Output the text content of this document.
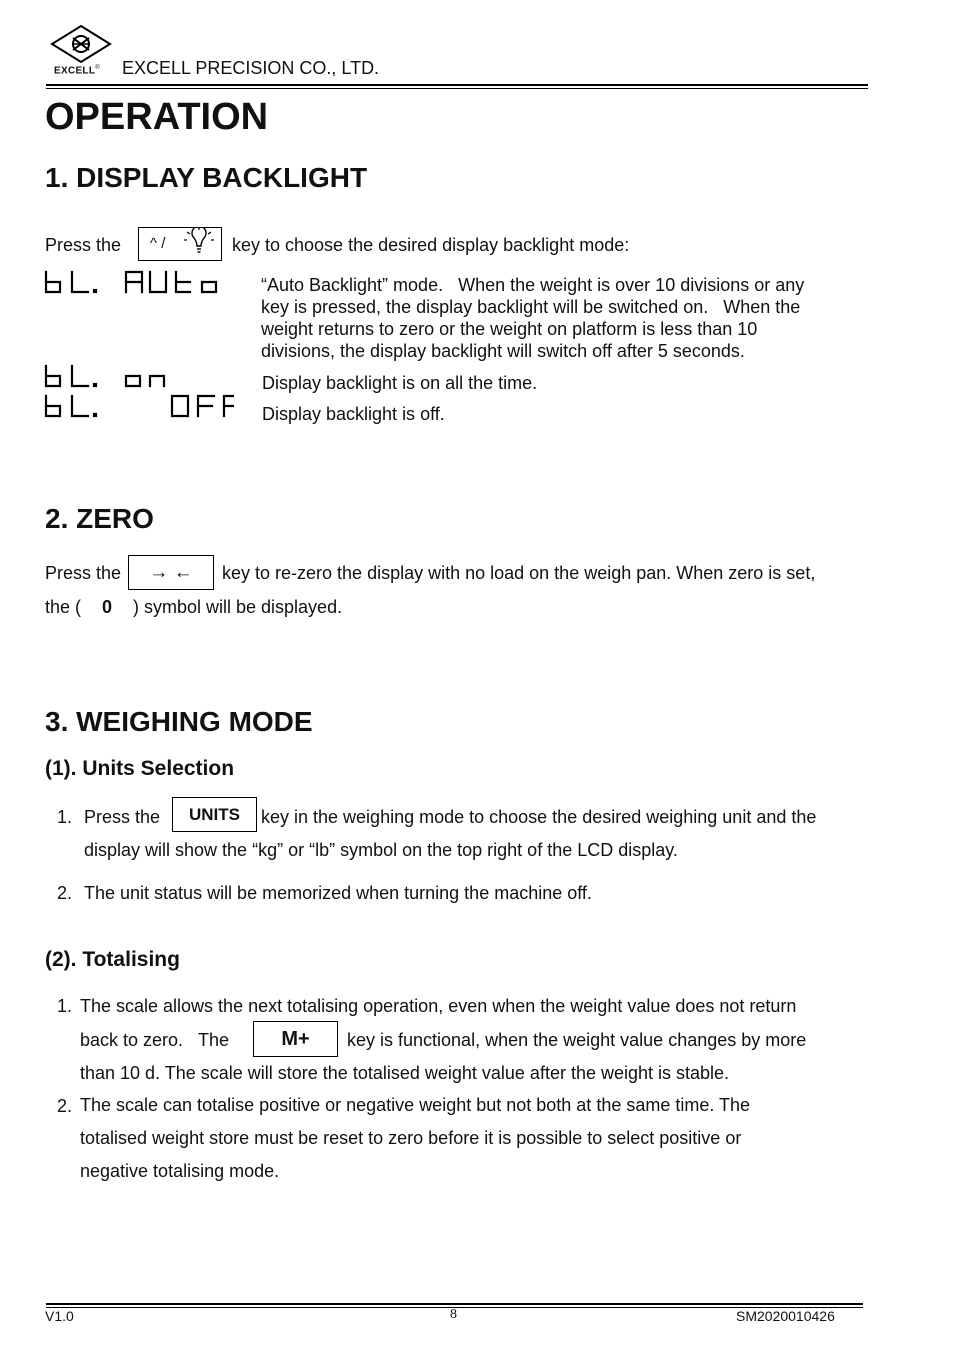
EXCELL® EXCELL PRECISION CO., LTD.
OPERATION
1. DISPLAY BACKLIGHT
Press the ^ /	key to choose the desired display backlight mode:
“Auto Backlight” mode.   When the weight is over 10 divisions or any
key is pressed, the display backlight will be switched on.   When the
weight returns to zero or the weight on platform is less than 10
divisions, the display backlight will switch off after 5 seconds.
Display backlight is on all the time.
Display backlight is off.
2. ZERO
Press the	→ ←	key to re-zero the display with no load on the weigh pan. When zero is set,
the ( 0 ) symbol will be displayed.
3. WEIGHING MODE
(1). Units Selection
1. Press the	UNITS	key in the weighing mode to choose the desired weighing unit and the
display will show the “kg” or “lb” symbol on the top right of the LCD display.
2. The unit status will be memorized when turning the machine off.
(2). Totalising
1. The scale allows the next totalising operation, even when the weight value does not return
back to zero.   The	M+	key is functional, when the weight value changes by more
than 10 d. The scale will store the totalised weight value after the weight is stable.
2. The scale can totalise positive or negative weight but not both at the same time. The
totalised weight store must be reset to zero before it is possible to select positive or
negative totalising mode.
V1.0	8	SM2020010426
